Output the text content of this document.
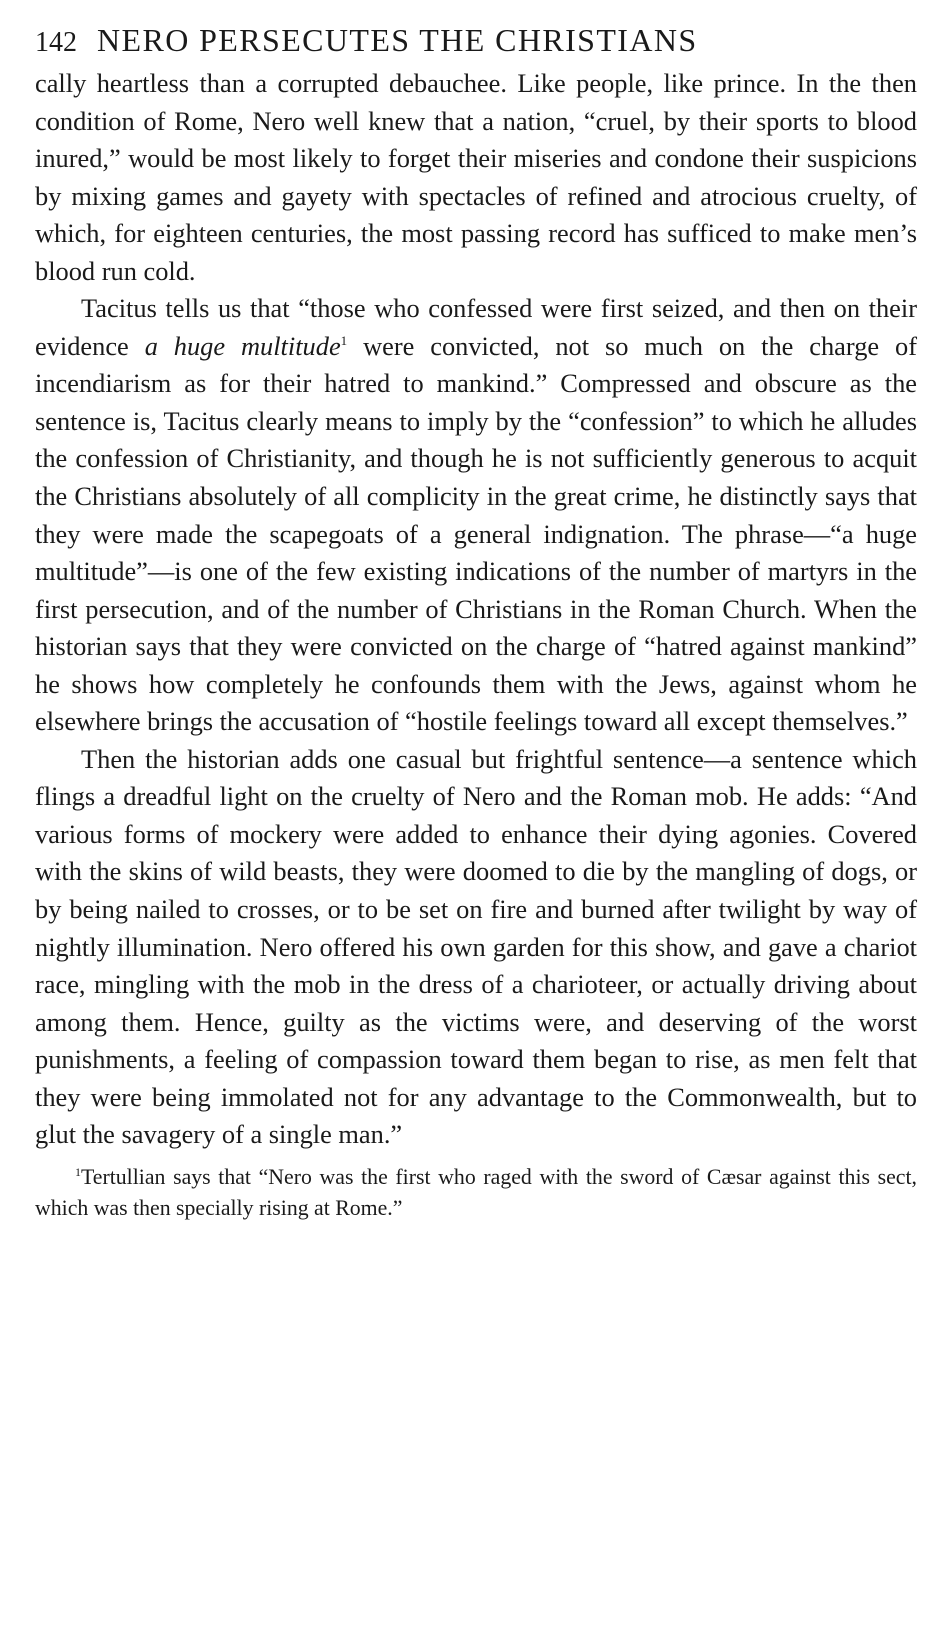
142 NERO PERSECUTES THE CHRISTIANS

cally heartless than a corrupted debauchee. Like people, like prince. In the then condition of Rome, Nero well knew that a nation, “cruel, by their sports to blood inured,” would be most likely to forget their miseries and condone their suspicions by mixing games and gayety with spectacles of refined and atrocious cruelty, of which, for eighteen centuries, the most passing record has sufficed to make men’s blood run cold.

Tacitus tells us that “those who confessed were first seized, and then on their evidence a huge multitude$^1$ were convicted, not so much on the charge of incendiarism as for their hatred to mankind.” Compressed and obscure as the sentence is, Tacitus clearly means to imply by the “confession” to which he alludes the confession of Christianity, and though he is not sufficiently generous to acquit the Christians absolutely of all complicity in the great crime, he distinctly says that they were made the scapegoats of a general indignation. The phrase—“a huge multitude”—is one of the few existing indications of the number of martyrs in the first persecution, and of the number of Christians in the Roman Church. When the historian says that they were convicted on the charge of “hatred against mankind” he shows how completely he confounds them with the Jews, against whom he elsewhere brings the accusation of “hostile feelings toward all except themselves.”

Then the historian adds one casual but frightful sentence—a sentence which flings a dreadful light on the cruelty of Nero and the Roman mob. He adds: “And various forms of mockery were added to enhance their dying agonies. Covered with the skins of wild beasts, they were doomed to die by the mangling of dogs, or by being nailed to crosses, or to be set on fire and burned after twilight by way of nightly illumination. Nero offered his own garden for this show, and gave a chariot race, mingling with the mob in the dress of a charioteer, or actually driving about among them. Hence, guilty as the victims were, and deserving of the worst punishments, a feeling of compassion toward them began to rise, as men felt that they were being immolated not for any advantage to the Commonwealth, but to glut the savagery of a single man.”

$^1$Tertullian says that “Nero was the first who raged with the sword of Cæsar against this sect, which was then specially rising at Rome.”
